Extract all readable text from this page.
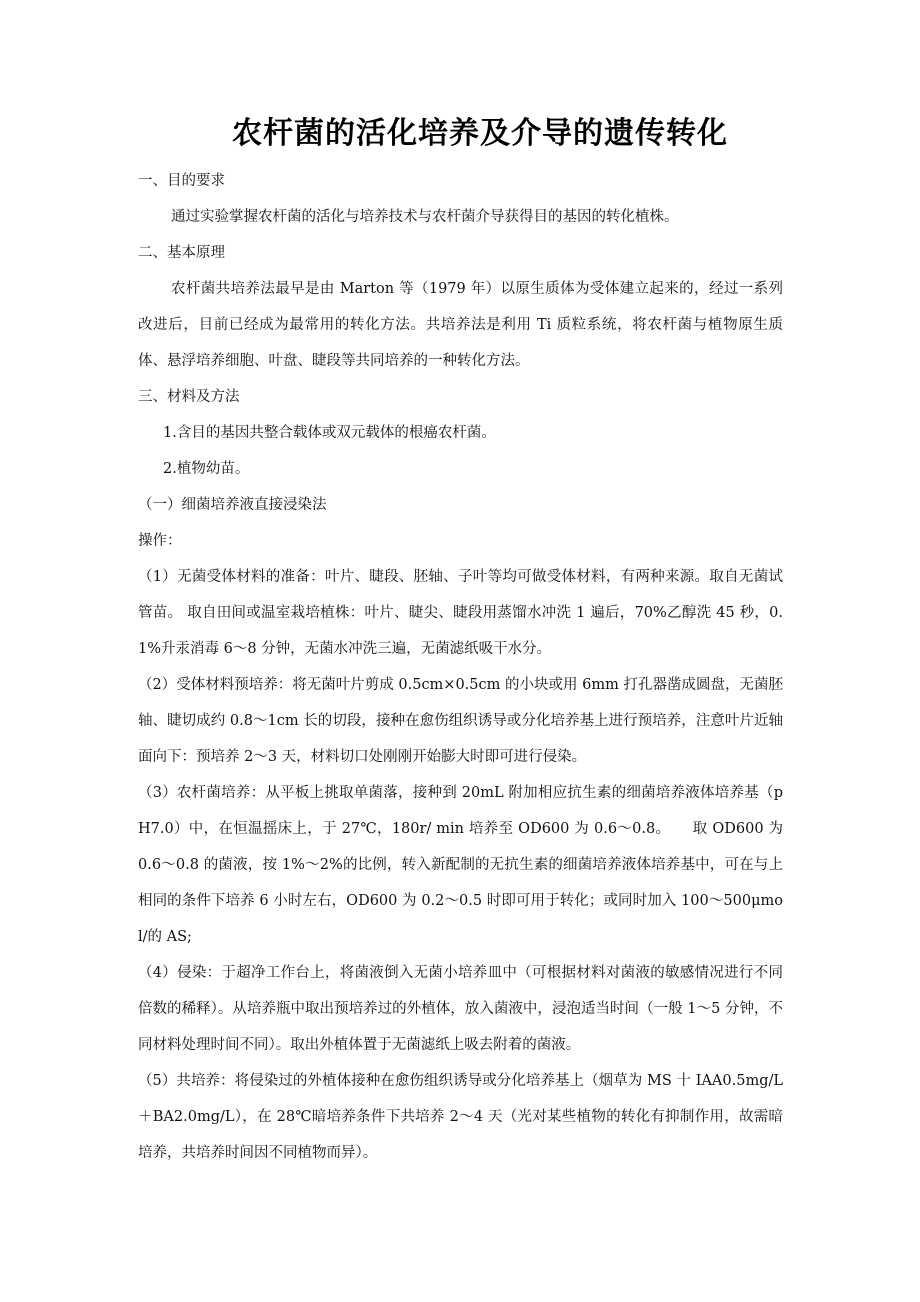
农杆菌的活化培养及介导的遗传转化

一、目的要求

通过实验掌握农杆菌的活化与培养技术与农杆菌介导获得目的基因的转化植株。

二、基本原理

农杆菌共培养法最早是由 Marton 等（1979 年）以原生质体为受体建立起来的，经过一系列改进后，目前已经成为最常用的转化方法。共培养法是利用 Ti 质粒系统，将农杆菌与植物原生质体、悬浮培养细胞、叶盘、睫段等共同培养的一种转化方法。

三、材料及方法

1.含目的基因共整合载体或双元载体的根癌农杆菌。

2.植物幼苗。

（一）细菌培养液直接浸染法

操作：

（1）无菌受体材料的准备：叶片、睫段、胚轴、子叶等均可做受体材料，有两种来源。取自无菌试管苗。 取自田间或温室栽培植株：叶片、睫尖、睫段用蒸馏水冲洗 1 遍后，70%乙醇洗 45 秒，0.1%升汞消毒 6～8 分钟，无菌水冲洗三遍，无菌滤纸吸干水分。

（2）受体材料预培养：将无菌叶片剪成 0.5cm×0.5cm 的小块或用 6mm 打孔器凿成圆盘，无菌胚轴、睫切成约 0.8～1cm 长的切段，接种在愈伤组织诱导或分化培养基上进行预培养，注意叶片近轴面向下：预培养 2～3 天，材料切口处刚刚开始膨大时即可进行侵染。

（3）农杆菌培养：从平板上挑取单菌落，接种到 20mL 附加相应抗生素的细菌培养液体培养基（pH7.0）中，在恒温摇床上，于 27℃，180r/ min 培养至 OD600 为 0.6～0.8。　　取 OD600 为 0.6～0.8 的菌液，按 1%～2%的比例，转入新配制的无抗生素的细菌培养液体培养基中，可在与上相同的条件下培养 6 小时左右，OD600 为 0.2～0.5 时即可用于转化；或同时加入 100～500μmol/的 AS;

（4）侵染：于超净工作台上，将菌液倒入无菌小培养皿中（可根据材料对菌液的敏感情况进行不同倍数的稀释）。从培养瓶中取出预培养过的外植体，放入菌液中，浸泡适当时间（一般 1～5 分钟，不同材料处理时间不同）。取出外植体置于无菌滤纸上吸去附着的菌液。

（5）共培养：将侵染过的外植体接种在愈伤组织诱导或分化培养基上（烟草为 MS 十 IAA0.5mg/L＋BA2.0mg/L），在 28℃暗培养条件下共培养 2～4 天（光对某些植物的转化有抑制作用，故需暗培养，共培养时间因不同植物而异）。
